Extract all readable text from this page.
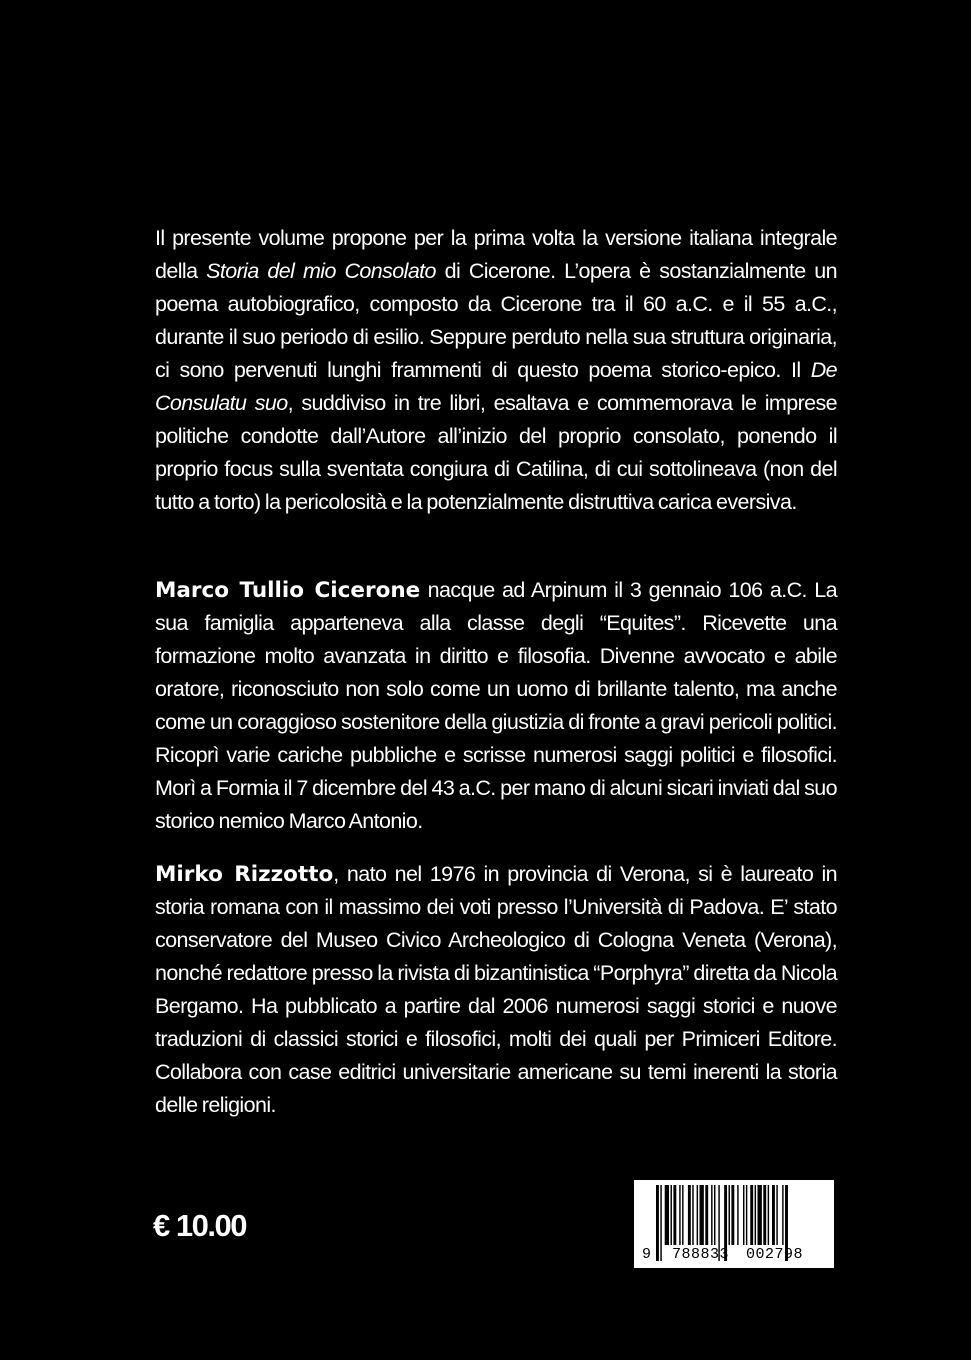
Il presente volume propone per la prima volta la versione italiana integrale della Storia del mio Consolato di Cicerone. L’opera è sostanzialmente un poema autobiografico, composto da Cicerone tra il 60 a.C. e il 55 a.C., durante il suo periodo di esilio. Seppure perduto nella sua struttura originaria, ci sono pervenuti lunghi frammenti di questo poema storico-epico. Il De Consulatu suo, suddiviso in tre libri, esaltava e commemorava le imprese politiche condotte dall’Autore all’inizio del proprio consolato, ponendo il proprio focus sulla sventata congiura di Catilina, di cui sottolineava (non del tutto a torto) la pericolosità e la potenzialmente distruttiva carica eversiva.
Marco Tullio Cicerone nacque ad Arpinum il 3 gennaio 106 a.C. La sua famiglia apparteneva alla classe degli “Equites”. Ricevette una formazione molto avanzata in diritto e filosofia. Divenne avvocato e abile oratore, riconosciuto non solo come un uomo di brillante talento, ma anche come un coraggioso sostenitore della giustizia di fronte a gravi pericoli politici. Ricoprì varie cariche pubbliche e scrisse numerosi saggi politici e filosofici. Morì a Formia il 7 dicembre del 43 a.C. per mano di alcuni sicari inviati dal suo storico nemico Marco Antonio.
Mirko Rizzotto, nato nel 1976 in provincia di Verona, si è laureato in storia romana con il massimo dei voti presso l’Università di Padova. E’ stato conservatore del Museo Civico Archeologico di Cologna Veneta (Verona), nonché redattore presso la rivista di bizantinistica “Porphyra” diretta da Nicola Bergamo. Ha pubblicato a partire dal 2006 numerosi saggi storici e nuove traduzioni di classici storici e filosofici, molti dei quali per Primiceri Editore. Collabora con case editrici universitarie americane su temi inerenti la storia delle religioni.
€ 10.00
9 788833 002798
